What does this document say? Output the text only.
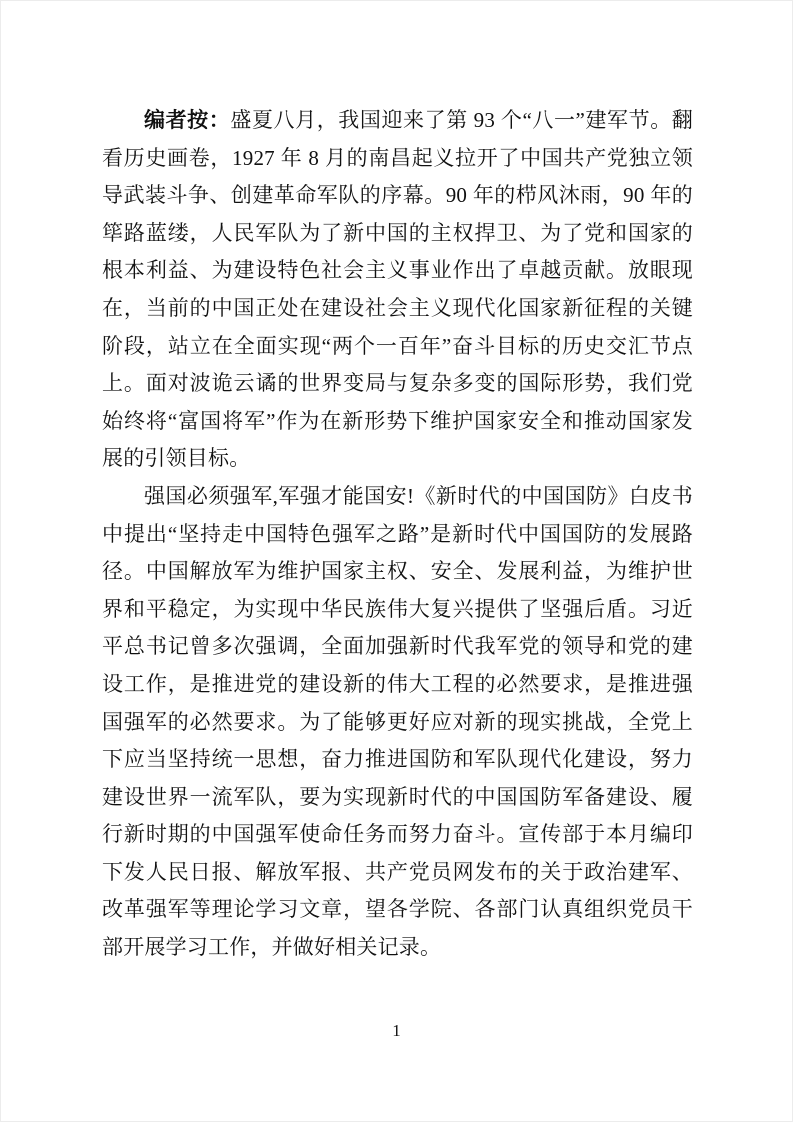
编者按：盛夏八月，我国迎来了第 93 个“八一”建军节。翻看历史画卷，1927 年 8 月的南昌起义拉开了中国共产党独立领导武装斗争、创建革命军队的序幕。90 年的栉风沐雨，90 年的筚路蓝缕，人民军队为了新中国的主权捍卫、为了党和国家的根本利益、为建设特色社会主义事业作出了卓越贡献。放眼现在，当前的中国正处在建设社会主义现代化国家新征程的关键阶段，站立在全面实现“两个一百年”奋斗目标的历史交汇节点上。面对波诡云谲的世界变局与复杂多变的国际形势，我们党始终将“富国将军”作为在新形势下维护国家安全和推动国家发展的引领目标。

强国必须强军,军强才能国安!《新时代的中国国防》白皮书中提出“坚持走中国特色强军之路”是新时代中国国防的发展路径。中国解放军为维护国家主权、安全、发展利益，为维护世界和平稳定，为实现中华民族伟大复兴提供了坚强后盾。习近平总书记曾多次强调，全面加强新时代我军党的领导和党的建设工作，是推进党的建设新的伟大工程的必然要求，是推进强国强军的必然要求。为了能够更好应对新的现实挑战，全党上下应当坚持统一思想，奋力推进国防和军队现代化建设，努力建设世界一流军队，要为实现新时代的中国国防军备建设、履行新时期的中国强军使命任务而努力奋斗。宣传部于本月编印下发人民日报、解放军报、共产党员网发布的关于政治建军、改革强军等理论学习文章，望各学院、各部门认真组织党员干部开展学习工作，并做好相关记录。

1
